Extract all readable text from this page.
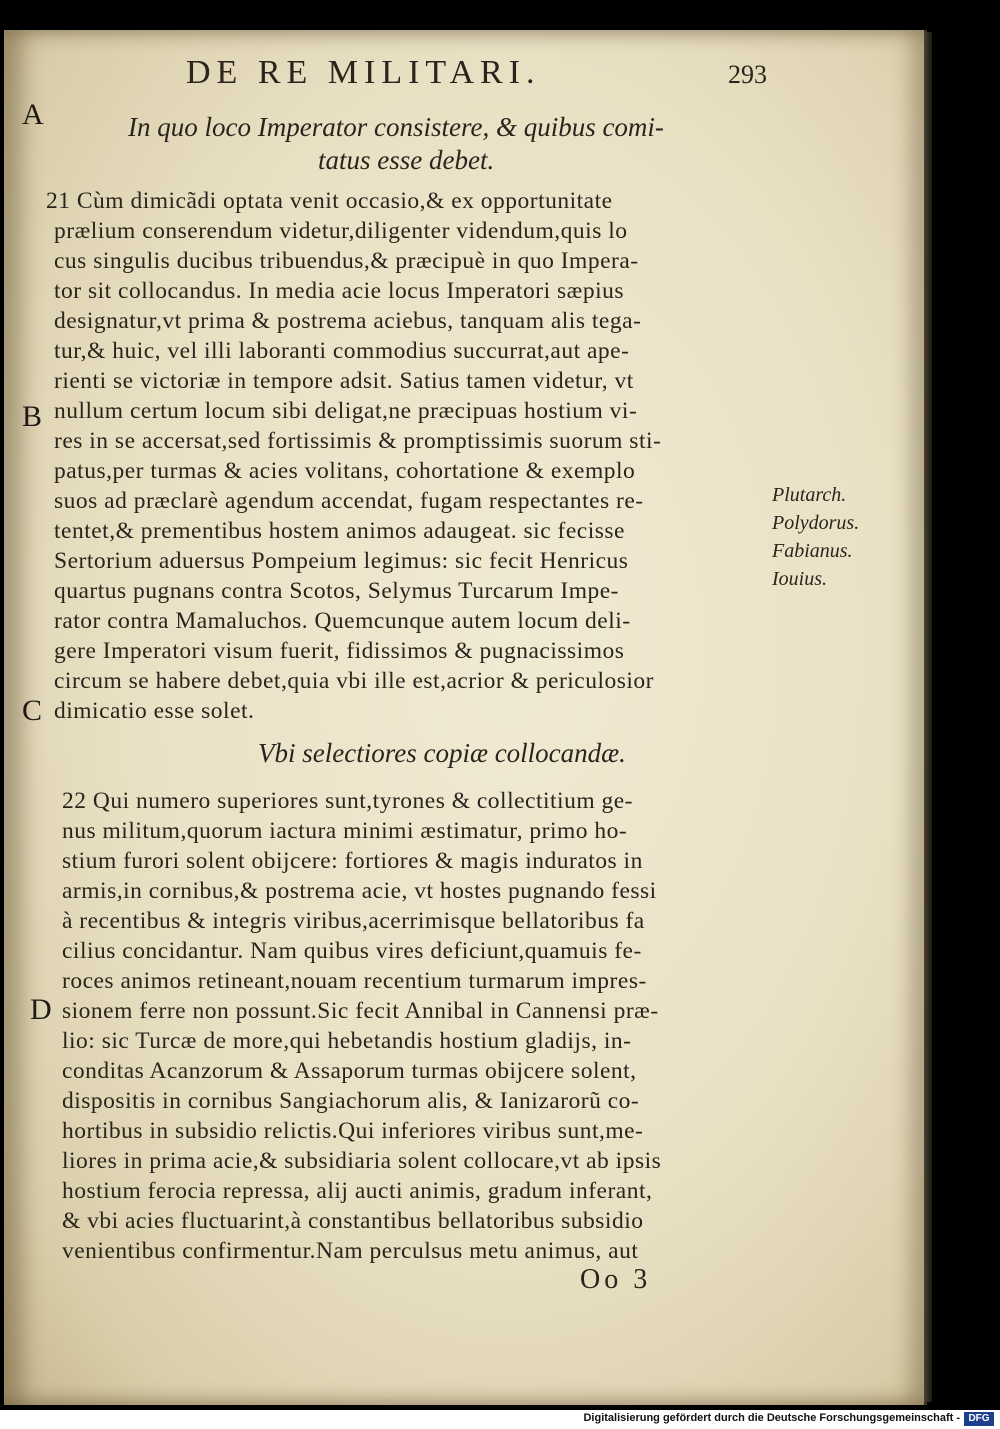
DE RE MILITARI.	293
A
B
C
D
In quo loco Imperator consistere, & quibus comi-
tatus esse debet.
21 Cùm dimicãdi optata venit occasio,& ex opportunitate
prælium conserendum videtur,diligenter videndum,quis lo
cus singulis ducibus tribuendus,& præcipuè in quo Impera-
tor sit collocandus. In media acie locus Imperatori sæpius
designatur,vt prima & postrema aciebus, tanquam alis tega-
tur,& huic, vel illi laboranti commodius succurrat,aut ape-
rienti se victoriæ in tempore adsit. Satius tamen videtur, vt
nullum certum locum sibi deligat,ne præcipuas hostium vi-
res in se accersat,sed fortissimis & promptissimis suorum sti-
patus,per turmas & acies volitans, cohortatione & exemplo
suos ad præclarè agendum accendat, fugam respectantes re-
tentet,& prementibus hostem animos adaugeat. sic fecisse
Sertorium aduersus Pompeium legimus: sic fecit Henricus
quartus pugnans contra Scotos, Selymus Turcarum Impe-
rator contra Mamaluchos. Quemcunque autem locum deli-
gere Imperatori visum fuerit, fidissimos & pugnacissimos
circum se habere debet,quia vbi ille est,acrior & periculosior
dimicatio esse solet.
Plutarch.
Polydorus.
Fabianus.
Iouius.
Vbi selectiores copiæ collocandæ.
22 Qui numero superiores sunt,tyrones & collectitium ge-
nus militum,quorum iactura minimi æstimatur, primo ho-
stium furori solent obijcere: fortiores & magis induratos in
armis,in cornibus,& postrema acie, vt hostes pugnando fessi
à recentibus & integris viribus,acerrimisque bellatoribus fa
cilius concidantur. Nam quibus vires deficiunt,quamuis fe-
roces animos retineant,nouam recentium turmarum impres-
sionem ferre non possunt.Sic fecit Annibal in Cannensi præ-
lio: sic Turcæ de more,qui hebetandis hostium gladijs, in-
conditas Acanzorum & Assaporum turmas obijcere solent,
dispositis in cornibus Sangiachorum alis, & Ianizarorũ co-
hortibus in subsidio relictis.Qui inferiores viribus sunt,me-
liores in prima acie,& subsidiaria solent collocare,vt ab ipsis
hostium ferocia repressa, alij aucti animis, gradum inferant,
& vbi acies fluctuarint,à constantibus bellatoribus subsidio
venientibus confirmentur.Nam perculsus metu animus, aut
Oo 3
Digitalisierung gefördert durch die Deutsche Forschungsgemeinschaft - DFG
